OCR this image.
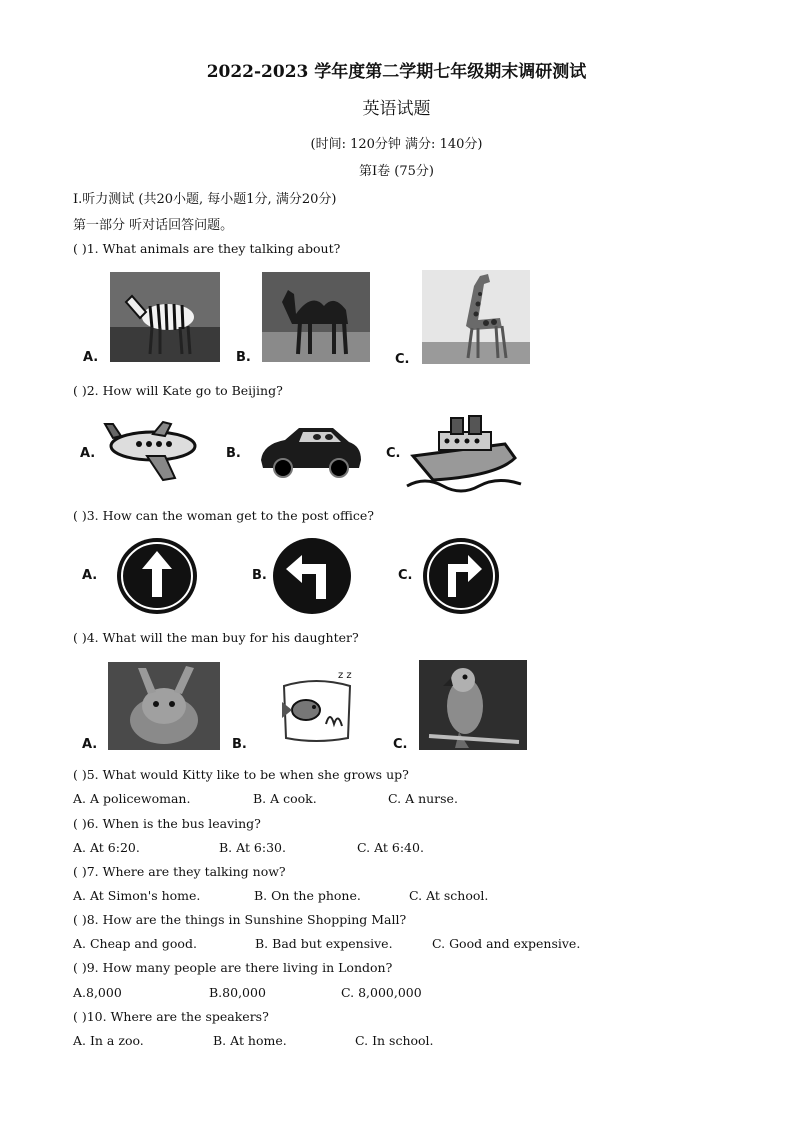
2022-2023 学年度第二学期七年级期末调研测试
英语试题
(时间: 120分钟 满分: 140分)
第Ⅰ卷 (75分)
Ⅰ.听力测试 (共20小题, 每小题1分, 满分20分)
第一部分 听对话回答问题。
( )1. What animals are they talking about?
A.	B.	C.
( )2. How will Kate go to Beijing?
A.	B.	C.
( )3. How can the woman get to the post office?
A.	B.	C.
( )4. What will the man buy for his daughter?
A.	B.
z z
C.
( )5. What would Kitty like to be when she grows up?
A. A policewoman.	B. A cook.	C. A nurse.
( )6. When is the bus leaving?
A. At 6:20.	B. At 6:30.	C. At 6:40.
( )7. Where are they talking now?
A. At Simon's home.	B. On the phone.	C. At school.
( )8. How are the things in Sunshine Shopping Mall?
A. Cheap and good.	B. Bad but expensive.	C. Good and expensive.
( )9. How many people are there living in London?
A.8,000	B.80,000	C. 8,000,000
( )10. Where are the speakers?
A. In a zoo.	B. At home.	C. In school.
